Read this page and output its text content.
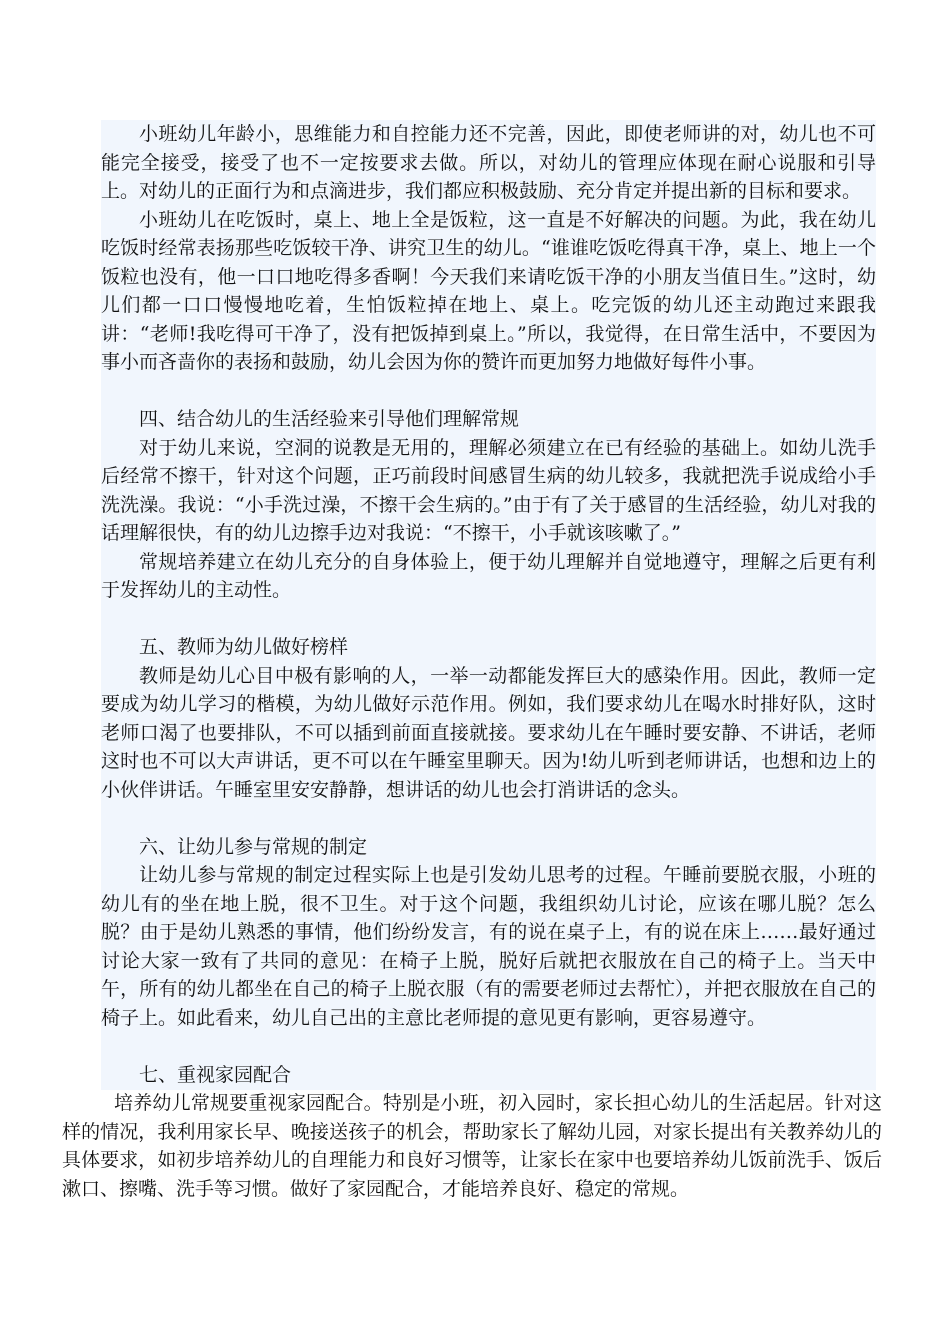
小班幼儿年龄小，思维能力和自控能力还不完善，因此，即使老师讲的对，幼儿也不可能完全接受，接受了也不一定按要求去做。所以，对幼儿的管理应体现在耐心说服和引导上。对幼儿的正面行为和点滴进步，我们都应积极鼓励、充分肯定并提出新的目标和要求。

小班幼儿在吃饭时，桌上、地上全是饭粒，这一直是不好解决的问题。为此，我在幼儿吃饭时经常表扬那些吃饭较干净、讲究卫生的幼儿。“谁谁吃饭吃得真干净，桌上、地上一个饭粒也没有，他一口口地吃得多香啊！今天我们来请吃饭干净的小朋友当值日生。”这时，幼儿们都一口口慢慢地吃着，生怕饭粒掉在地上、桌上。吃完饭的幼儿还主动跑过来跟我讲：“老师!我吃得可干净了，没有把饭掉到桌上。”所以，我觉得，在日常生活中，不要因为事小而吝啬你的表扬和鼓励，幼儿会因为你的赞许而更加努力地做好每件小事。

四、结合幼儿的生活经验来引导他们理解常规

对于幼儿来说，空洞的说教是无用的，理解必须建立在已有经验的基础上。如幼儿洗手后经常不擦干，针对这个问题，正巧前段时间感冒生病的幼儿较多，我就把洗手说成给小手洗洗澡。我说：“小手洗过澡，不擦干会生病的。”由于有了关于感冒的生活经验，幼儿对我的话理解很快，有的幼儿边擦手边对我说：“不擦干，小手就该咳嗽了。”

常规培养建立在幼儿充分的自身体验上，便于幼儿理解并自觉地遵守，理解之后更有利于发挥幼儿的主动性。

五、教师为幼儿做好榜样

教师是幼儿心目中极有影响的人，一举一动都能发挥巨大的感染作用。因此，教师一定要成为幼儿学习的楷模，为幼儿做好示范作用。例如，我们要求幼儿在喝水时排好队，这时老师口渴了也要排队，不可以插到前面直接就接。要求幼儿在午睡时要安静、不讲话，老师这时也不可以大声讲话，更不可以在午睡室里聊天。因为!幼儿听到老师讲话，也想和边上的小伙伴讲话。午睡室里安安静静，想讲话的幼儿也会打消讲话的念头。

六、让幼儿参与常规的制定

让幼儿参与常规的制定过程实际上也是引发幼儿思考的过程。午睡前要脱衣服，小班的幼儿有的坐在地上脱，很不卫生。对于这个问题，我组织幼儿讨论，应该在哪儿脱？怎么脱？由于是幼儿熟悉的事情，他们纷纷发言，有的说在桌子上，有的说在床上……最好通过讨论大家一致有了共同的意见：在椅子上脱，脱好后就把衣服放在自己的椅子上。当天中午，所有的幼儿都坐在自己的椅子上脱衣服（有的需要老师过去帮忙），并把衣服放在自己的椅子上。如此看来，幼儿自己出的主意比老师提的意见更有影响，更容易遵守。

七、重视家园配合

培养幼儿常规要重视家园配合。特别是小班，初入园时，家长担心幼儿的生活起居。针对这样的情况，我利用家长早、晚接送孩子的机会，帮助家长了解幼儿园，对家长提出有关教养幼儿的具体要求，如初步培养幼儿的自理能力和良好习惯等，让家长在家中也要培养幼儿饭前洗手、饭后漱口、擦嘴、洗手等习惯。做好了家园配合，才能培养良好、稳定的常规。
